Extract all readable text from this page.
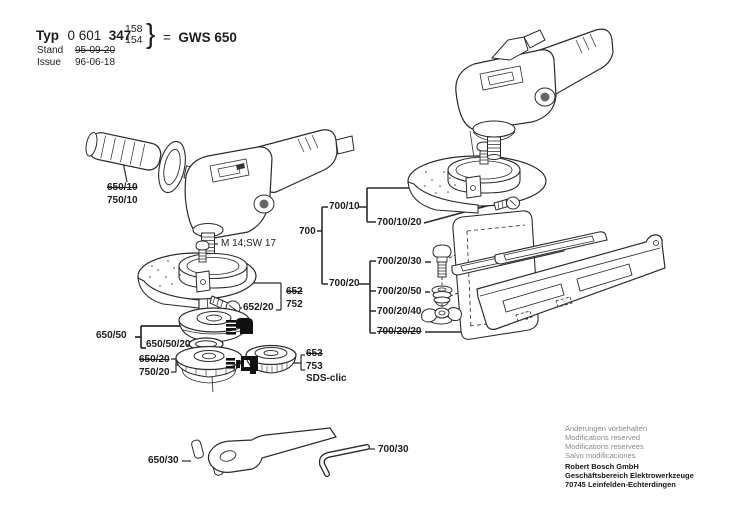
Typ 0 601 347
158
154 } = GWS 650
Stand 95-09-20
Issue 96-06-18
650/10
750/10
M 14;SW 17
652/20
652
752
650/50
650/50/20
650/20
750/20
653
753
SDS-clic
650/30
700/30
700
700/10
700/10/20
700/20
700/20/30
700/20/50
700/20/40
700/20/20
Änderungen vorbehalten
Modifications reserved
Modifications reservees
Salvo modificaciones
Robert Bosch GmbH
Geschäftsbereich Elektrowerkzeuge
70745 Leinfelden-Echterdingen
